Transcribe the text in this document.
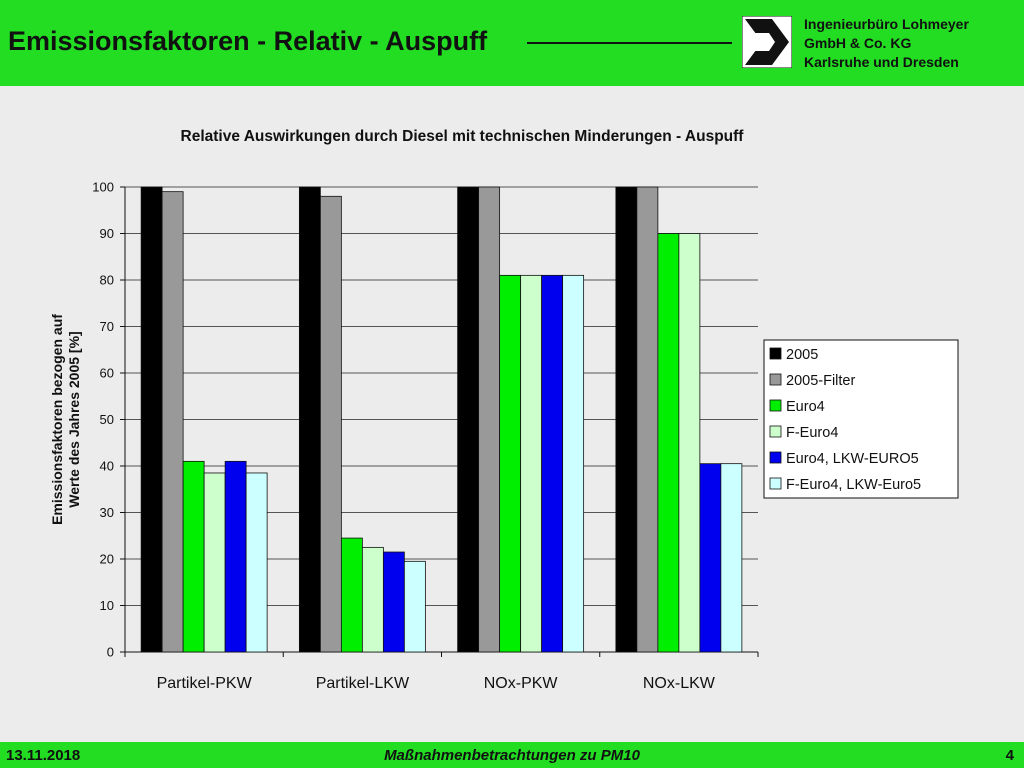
Emissionsfaktoren - Relativ - Auspuff
Ingenieurbüro Lohmeyer
GmbH & Co. KG
Karlsruhe und Dresden
Relative Auswirkungen durch Diesel mit technischen Minderungen - Auspuff
0
10
20
30
40
50
60
70
80
90
100
Emissionsfaktoren bezogen aufWerte des Jahres 2005 [%]
Partikel-PKW	Partikel-LKW	NOx-PKW	NOx-LKW
2005
2005-Filter
Euro4
F-Euro4
Euro4, LKW-EURO5
F-Euro4, LKW-Euro5
13.11.2018	Maßnahmenbetrachtungen zu PM10	4
